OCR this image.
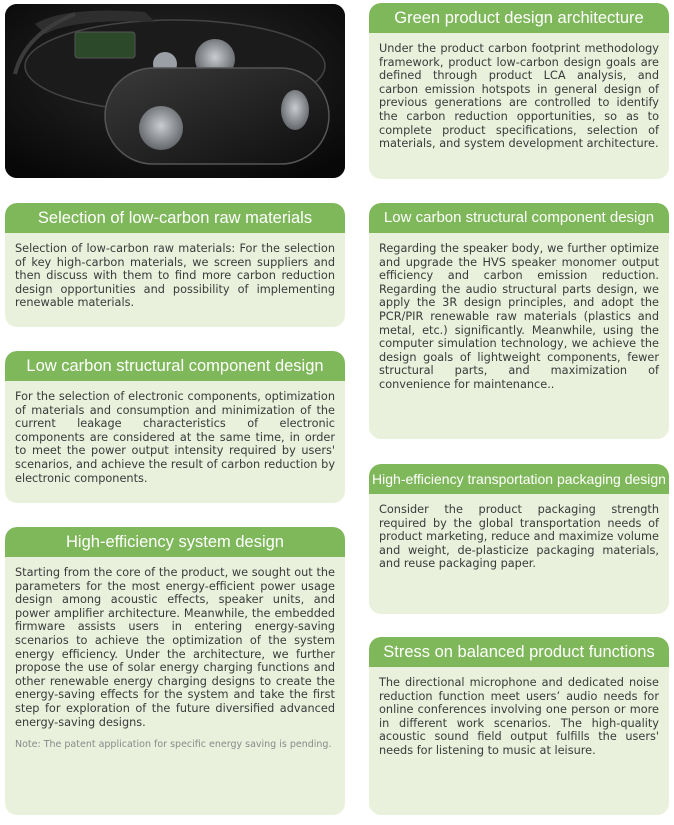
Green product design architecture
Under the product carbon footprint methodology framework, product low-carbon design goals are defined through product LCA analysis, and carbon emission hotspots in general design of previous generations are controlled to identify the carbon reduction opportunities, so as to complete product specifications, selection of materials, and system development architecture.
Selection of low-carbon raw materials
Selection of low-carbon raw materials: For the selection of key high-carbon materials, we screen suppliers and then discuss with them to find more carbon reduction design opportunities and possibility of implementing renewable materials.
Low carbon structural component design
Regarding the speaker body, we further optimize and upgrade the HVS speaker monomer output efficiency and carbon emission reduction. Regarding the audio structural parts design, we apply the 3R design principles, and adopt the PCR/PIR renewable raw materials (plastics and metal, etc.) significantly. Meanwhile, using the computer simulation technology, we achieve the design goals of lightweight components, fewer structural parts, and maximization of convenience for maintenance..
Low carbon structural component design
For the selection of electronic components, optimization of materials and consumption and minimization of the current leakage characteristics of electronic components are considered at the same time, in order to meet the power output intensity required by users' scenarios, and achieve the result of carbon reduction by electronic components.	High-efficiency transportation packaging design
Consider the product packaging strength required by the global transportation needs of product marketing, reduce and maximize volume and weight, de-plasticize packaging materials, and reuse packaging paper.
High-efficiency system design
Starting from the core of the product, we sought out the parameters for the most energy-efficient power usage design among acoustic effects, speaker units, and power amplifier architecture. Meanwhile, the embedded firmware assists users in entering energy-saving scenarios to achieve the optimization of the system energy efficiency. Under the architecture, we further propose the use of solar energy charging functions and other renewable energy charging designs to create the energy-saving effects for the system and take the first step for exploration of the future diversified advanced energy-saving designs.
Note: The patent application for specific energy saving is pending.
Stress on balanced product functions
The directional microphone and dedicated noise reduction function meet users’ audio needs for online conferences involving one person or more in different work scenarios. The high-quality acoustic sound field output fulfills the users' needs for listening to music at leisure.
